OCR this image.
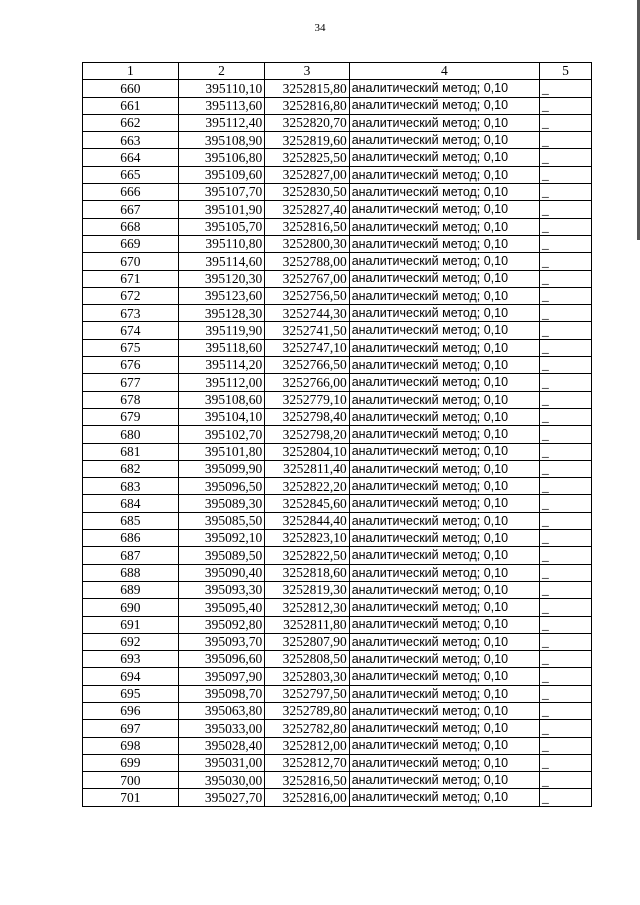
34
1	2	3	4	5
660	395110,10	3252815,80	аналитический метод; 0,10	_
661	395113,60	3252816,80	аналитический метод; 0,10	_
662	395112,40	3252820,70	аналитический метод; 0,10	_
663	395108,90	3252819,60	аналитический метод; 0,10	_
664	395106,80	3252825,50	аналитический метод; 0,10	_
665	395109,60	3252827,00	аналитический метод; 0,10	_
666	395107,70	3252830,50	аналитический метод; 0,10	_
667	395101,90	3252827,40	аналитический метод; 0,10	_
668	395105,70	3252816,50	аналитический метод; 0,10	_
669	395110,80	3252800,30	аналитический метод; 0,10	_
670	395114,60	3252788,00	аналитический метод; 0,10	_
671	395120,30	3252767,00	аналитический метод; 0,10	_
672	395123,60	3252756,50	аналитический метод; 0,10	_
673	395128,30	3252744,30	аналитический метод; 0,10	_
674	395119,90	3252741,50	аналитический метод; 0,10	_
675	395118,60	3252747,10	аналитический метод; 0,10	_
676	395114,20	3252766,50	аналитический метод; 0,10	_
677	395112,00	3252766,00	аналитический метод; 0,10	_
678	395108,60	3252779,10	аналитический метод; 0,10	_
679	395104,10	3252798,40	аналитический метод; 0,10	_
680	395102,70	3252798,20	аналитический метод; 0,10	_
681	395101,80	3252804,10	аналитический метод; 0,10	_
682	395099,90	3252811,40	аналитический метод; 0,10	_
683	395096,50	3252822,20	аналитический метод; 0,10	_
684	395089,30	3252845,60	аналитический метод; 0,10	_
685	395085,50	3252844,40	аналитический метод; 0,10	_
686	395092,10	3252823,10	аналитический метод; 0,10	_
687	395089,50	3252822,50	аналитический метод; 0,10	_
688	395090,40	3252818,60	аналитический метод; 0,10	_
689	395093,30	3252819,30	аналитический метод; 0,10	_
690	395095,40	3252812,30	аналитический метод; 0,10	_
691	395092,80	3252811,80	аналитический метод; 0,10	_
692	395093,70	3252807,90	аналитический метод; 0,10	_
693	395096,60	3252808,50	аналитический метод; 0,10	_
694	395097,90	3252803,30	аналитический метод; 0,10	_
695	395098,70	3252797,50	аналитический метод; 0,10	_
696	395063,80	3252789,80	аналитический метод; 0,10	_
697	395033,00	3252782,80	аналитический метод; 0,10	_
698	395028,40	3252812,00	аналитический метод; 0,10	_
699	395031,00	3252812,70	аналитический метод; 0,10	_
700	395030,00	3252816,50	аналитический метод; 0,10	_
701	395027,70	3252816,00	аналитический метод; 0,10	_
